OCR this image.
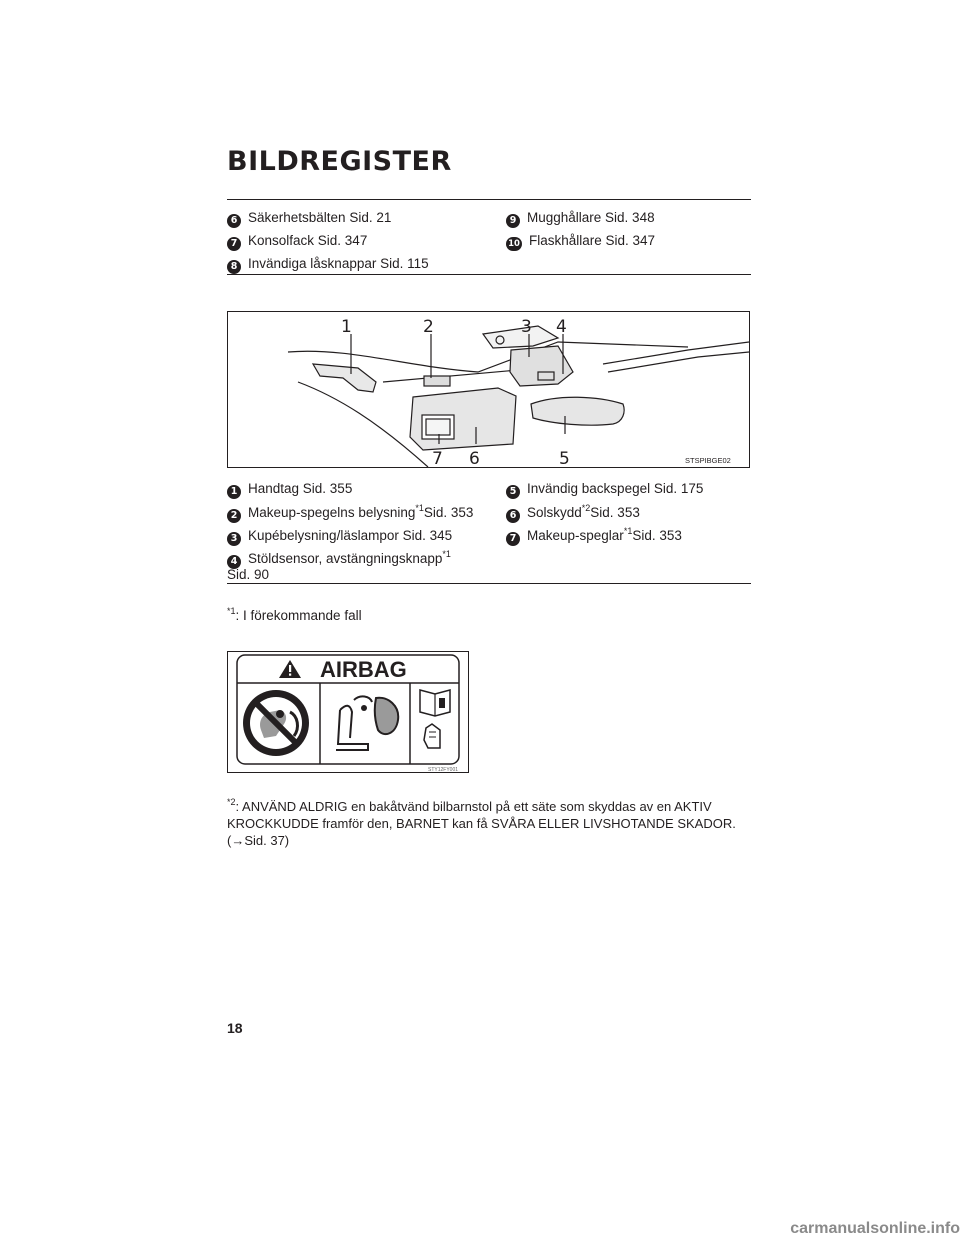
BILDREGISTER
6 Säkerhetsbälten Sid. 21
7 Konsolfack Sid. 347
8 Invändiga låsknappar Sid. 115
9 Mugghållare Sid. 348
10 Flaskhållare Sid. 347
1	2	3 4
5
6
7	STSPIBGE02
1 Handtag Sid. 355
2 Makeup-spegelns belysning$^{*1}$Sid. 353
3 Kupébelysning/läslampor Sid. 345
4 Stöldsensor, avstängningsknapp$^{*1}$
Sid. 90
5 Invändig backspegel Sid. 175
6 Solskydd$^{*2}$Sid. 353
7 Makeup-speglar$^{*1}$Sid. 353
$^{*1}$: I förekommande fall
AIRBAG
STY12FY001
$^{*2}$: ANVÄND ALDRIG en bakåtvänd bilbarnstol på ett säte som skyddas av en AKTIV KROCKKUDDE framför den, BARNET kan få SVÅRA ELLER LIVSHOTANDE SKADOR. (→Sid. 37)
18
carmanualsonline.info
